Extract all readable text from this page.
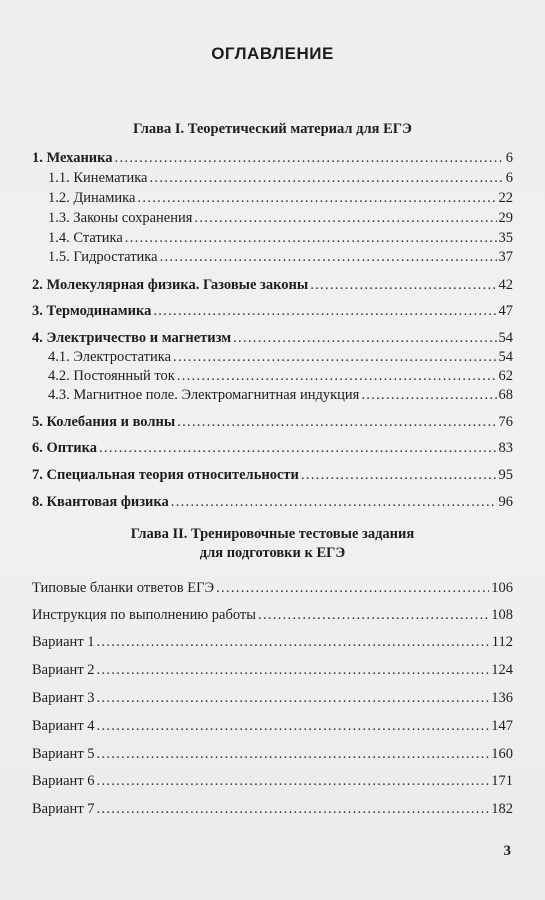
ОГЛАВЛЕНИЕ
Глава I. Теоретический материал для ЕГЭ
1. Механика .....	6
1.1. Кинематика .....	6
1.2. Динамика .....	22
1.3. Законы сохранения .....	29
1.4. Статика .....	35
1.5. Гидростатика .....	37
2. Молекулярная физика. Газовые законы .....	42
3. Термодинамика .....	47
4. Электричество и магнетизм .....	54
4.1. Электростатика .....	54
4.2. Постоянный ток .....	62
4.3. Магнитное поле. Электромагнитная индукция .....	68
5. Колебания и волны .....	76
6. Оптика .....	83
7. Специальная теория относительности .....	95
8. Квантовая физика .....	96
Глава II. Тренировочные тестовые задания
для подготовки к ЕГЭ
Типовые бланки ответов ЕГЭ .....	106
Инструкция по выполнению работы .....	108
Вариант 1 .....	112
Вариант 2 .....	124
Вариант 3 .....	136
Вариант 4 .....	147
Вариант 5 .....	160
Вариант 6 .....	171
Вариант 7 .....	182
3
